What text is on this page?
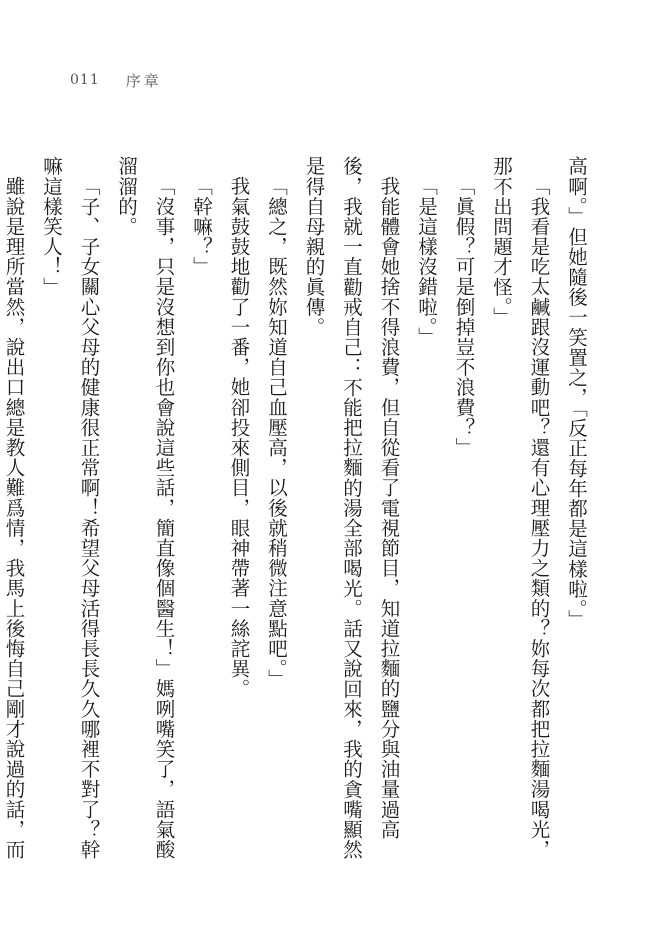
011 序章

高啊。」但她隨後一笑置之，「反正每年都是這樣啦。」

「我看是吃太鹹跟沒運動吧？還有心理壓力之類的？妳每次都把拉麵湯喝光，那不出問題才怪。」

「眞假？可是倒掉豈不浪費？」

「是這樣沒錯啦。」

我能體會她捨不得浪費，但自從看了電視節目，知道拉麵的鹽分與油量過高後，我就一直勸戒自己：不能把拉麵的湯全部喝光。話又說回來，我的貪嘴顯然是得自母親的眞傳。

「總之，既然妳知道自己血壓高，以後就稍微注意點吧。」

我氣鼓鼓地勸了一番，她卻投來側目，眼神帶著一絲詫異。

「幹嘛？」

「沒事，只是沒想到你也會說這些話，簡直像個醫生！」媽咧嘴笑了，語氣酸溜溜的。

「子、子女關心父母的健康很正常啊！希望父母活得長長久久哪裡不對了？幹嘛這樣笑人！」

雖說是理所當然，說出口總是教人難爲情，我馬上後悔自己剛才說過的話，而
